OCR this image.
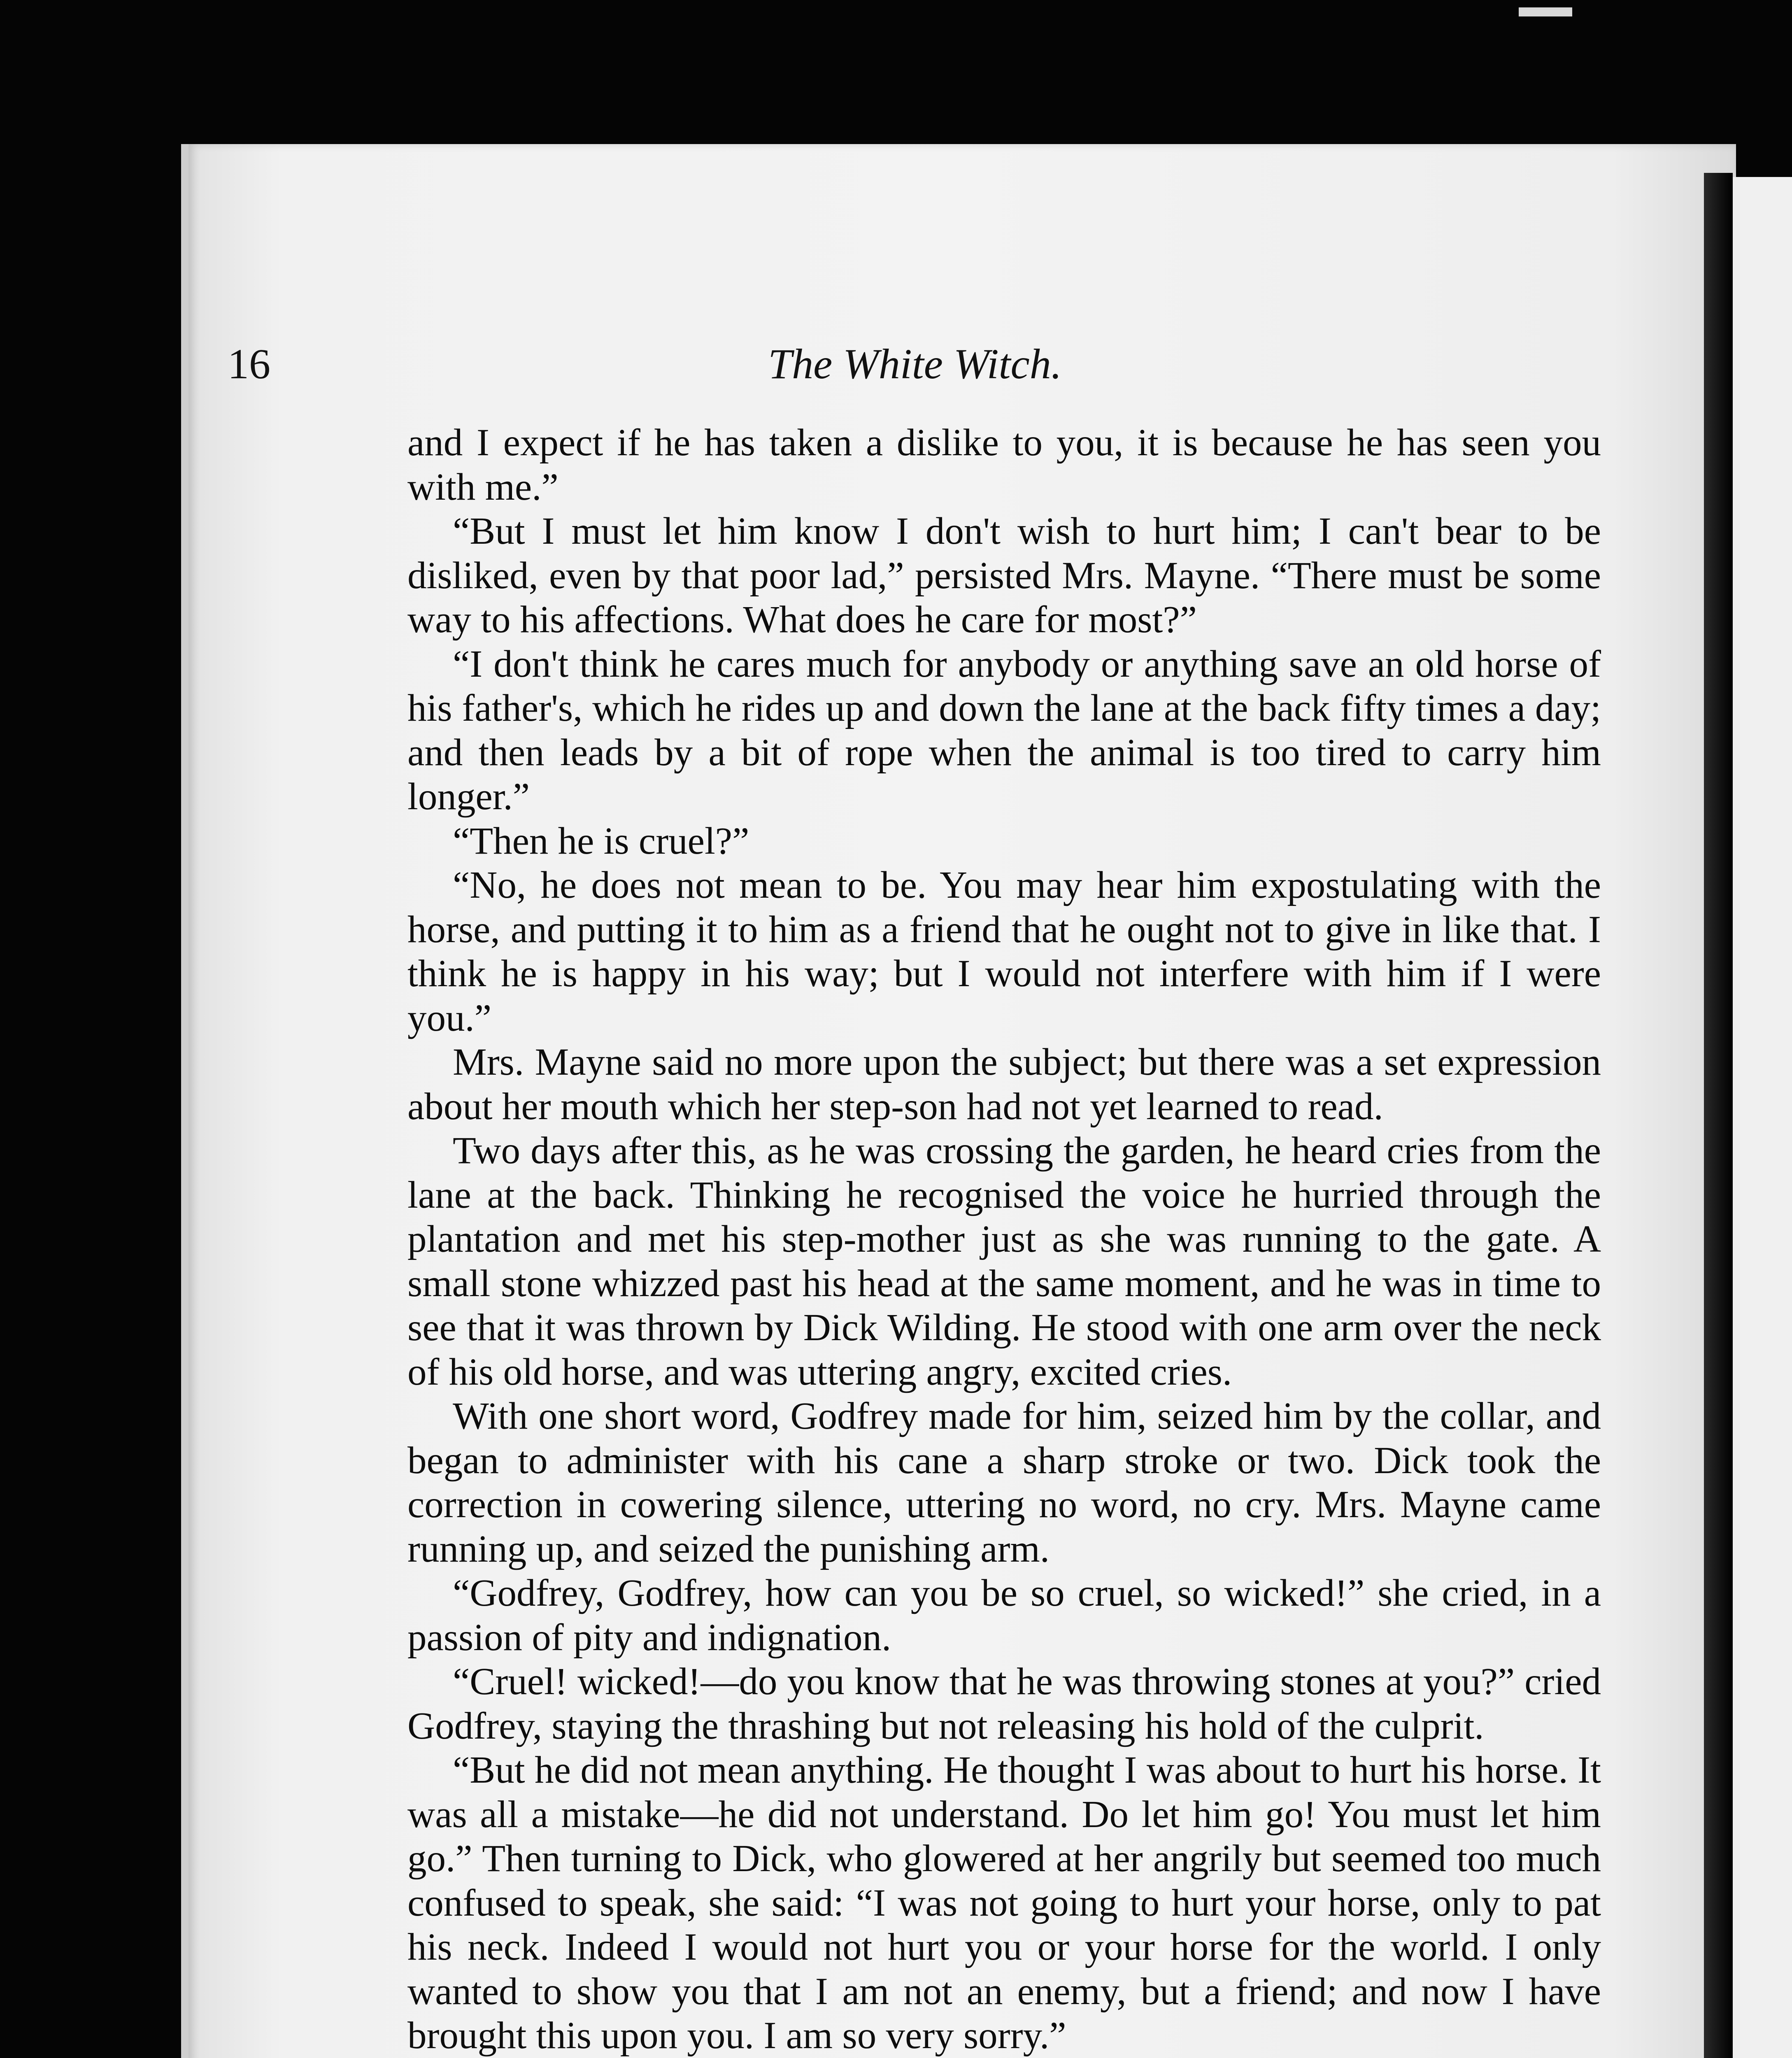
16	The White Witch.

and I expect if he has taken a dislike to you, it is because he has seen you with me.”

“But I must let him know I don't wish to hurt him; I can't bear to be disliked, even by that poor lad,” persisted Mrs. Mayne. “There must be some way to his affections. What does he care for most?”

“I don't think he cares much for anybody or anything save an old horse of his father's, which he rides up and down the lane at the back fifty times a day; and then leads by a bit of rope when the animal is too tired to carry him longer.”

“Then he is cruel?”

“No, he does not mean to be. You may hear him expostulating with the horse, and putting it to him as a friend that he ought not to give in like that. I think he is happy in his way; but I would not interfere with him if I were you.”

Mrs. Mayne said no more upon the subject; but there was a set expression about her mouth which her step-son had not yet learned to read.

Two days after this, as he was crossing the garden, he heard cries from the lane at the back. Thinking he recognised the voice he hurried through the plantation and met his step-mother just as she was running to the gate. A small stone whizzed past his head at the same moment, and he was in time to see that it was thrown by Dick Wilding. He stood with one arm over the neck of his old horse, and was uttering angry, excited cries.

With one short word, Godfrey made for him, seized him by the collar, and began to administer with his cane a sharp stroke or two. Dick took the correction in cowering silence, uttering no word, no cry. Mrs. Mayne came running up, and seized the punishing arm.

“Godfrey, Godfrey, how can you be so cruel, so wicked!” she cried, in a passion of pity and indignation.

“Cruel! wicked!—do you know that he was throwing stones at you?” cried Godfrey, staying the thrashing but not releasing his hold of the culprit.

“But he did not mean anything. He thought I was about to hurt his horse. It was all a mistake—he did not understand. Do let him go! You must let him go.” Then turning to Dick, who glowered at her angrily but seemed too much confused to speak, she said: “I was not going to hurt your horse, only to pat his neck. Indeed I would not hurt you or your horse for the world. I only wanted to show you that I am not an enemy, but a friend; and now I have brought this upon you. I am so very sorry.”
